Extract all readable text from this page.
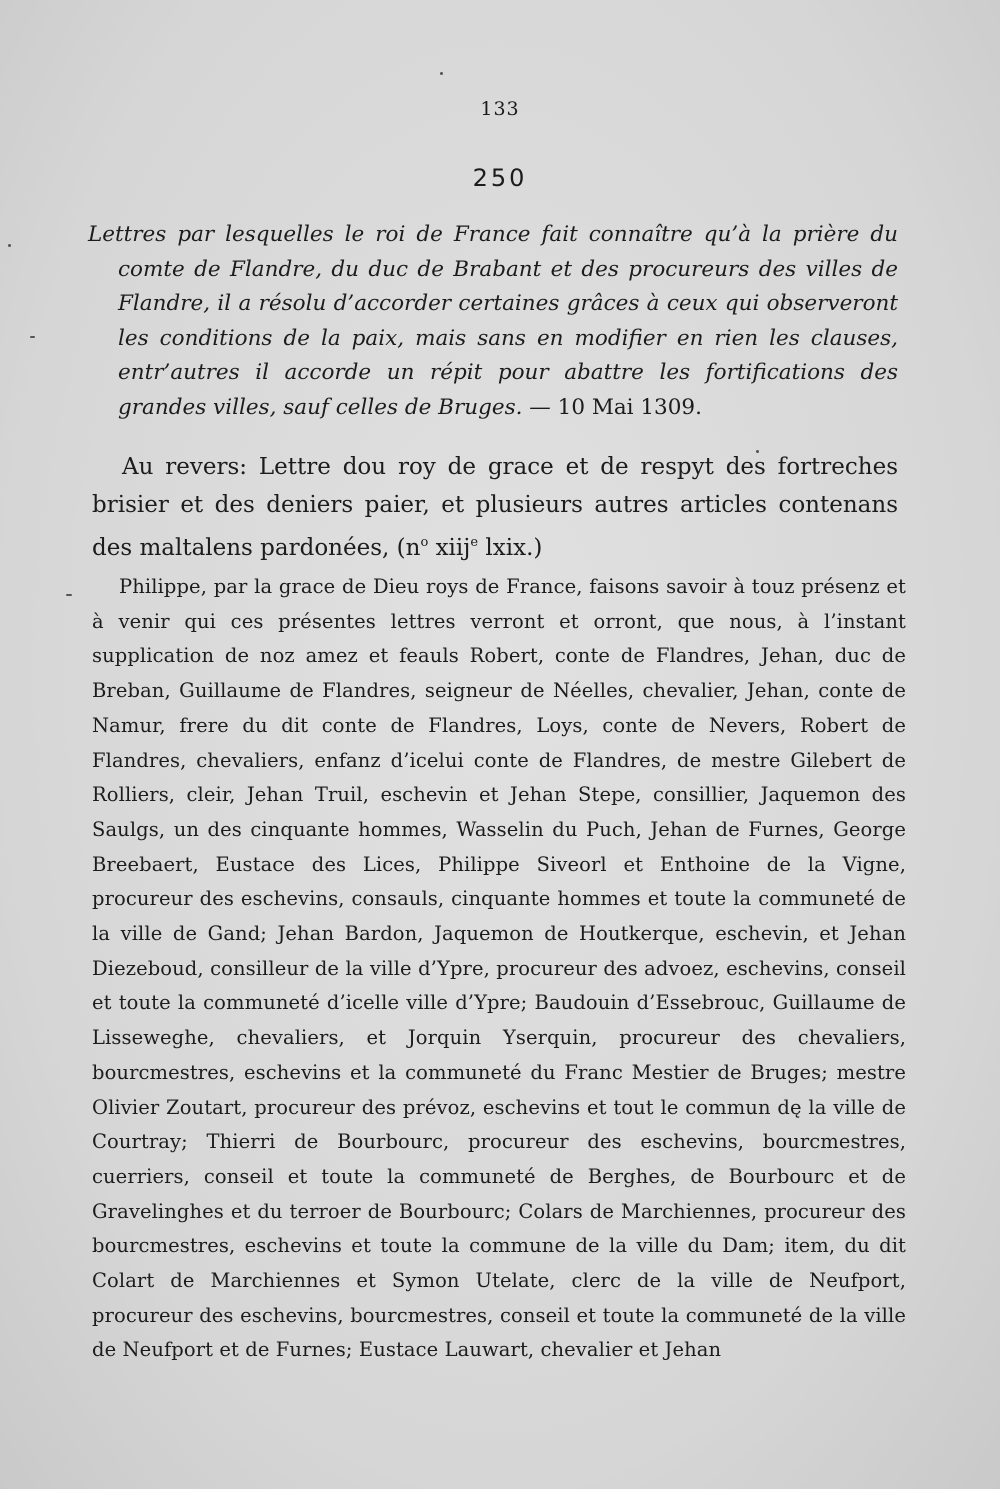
133
250
Lettres par lesquelles le roi de France fait connaître qu’à la prière du comte de Flandre, du duc de Brabant et des procureurs des villes de Flandre, il a résolu d’accorder certaines grâces à ceux qui observeront les conditions de la paix, mais sans en modifier en rien les clauses, entr’autres il accorde un répit pour abattre les fortifications des grandes villes, sauf celles de Bruges. — 10 Mai 1309.
Au revers: Lettre dou roy de grace et de respyt des fortreches brisier et des deniers paier, et plusieurs autres articles contenans des maltalens pardonées, ($n^o$ xiij$^e$ lxix.)
Philippe, par la grace de Dieu roys de France, faisons savoir à touz présenz et à venir qui ces présentes lettres verront et orront, que nous, à l’instant supplication de noz amez et feauls Robert, conte de Flandres, Jehan, duc de Breban, Guillaume de Flandres, seigneur de Néelles, chevalier, Jehan, conte de Namur, frere du dit conte de Flandres, Loys, conte de Nevers, Robert de Flandres, chevaliers, enfanz d’icelui conte de Flandres, de mestre Gilebert de Rolliers, cleir, Jehan Truil, eschevin et Jehan Stepe, consillier, Jaquemon des Saulgs, un des cinquante hommes, Wasselin du Puch, Jehan de Furnes, George Breebaert, Eustace des Lices, Philippe Siveorl et Enthoine de la Vigne, procureur des eschevins, consauls, cinquante hommes et toute la communeté de la ville de Gand; Jehan Bardon, Jaquemon de Houtkerque, eschevin, et Jehan Diezeboud, consilleur de la ville d’Ypre, procureur des advoez, eschevins, conseil et toute la communeté d’icelle ville d’Ypre; Baudouin d’Essebrouc, Guillaume de Lisseweghe, chevaliers, et Jorquin Yserquin, procureur des chevaliers, bourcmestres, eschevins et la communeté du Franc Mestier de Bruges; mestre Olivier Zoutart, procureur des prévoz, eschevins et tout le commun dę la ville de Courtray; Thierri de Bourbourc, procureur des eschevins, bourcmestres, cuerriers, conseil et toute la communeté de Berghes, de Bourbourc et de Gravelinghes et du terroer de Bourbourc; Colars de Marchiennes, procureur des bourcmestres, eschevins et toute la commune de la ville du Dam; item, du dit Colart de Marchiennes et Symon Utelate, clerc de la ville de Neufport, procureur des eschevins, bourcmestres, conseil et toute la communeté de la ville de Neufport et de Furnes; Eustace Lauwart, chevalier et Jehan
